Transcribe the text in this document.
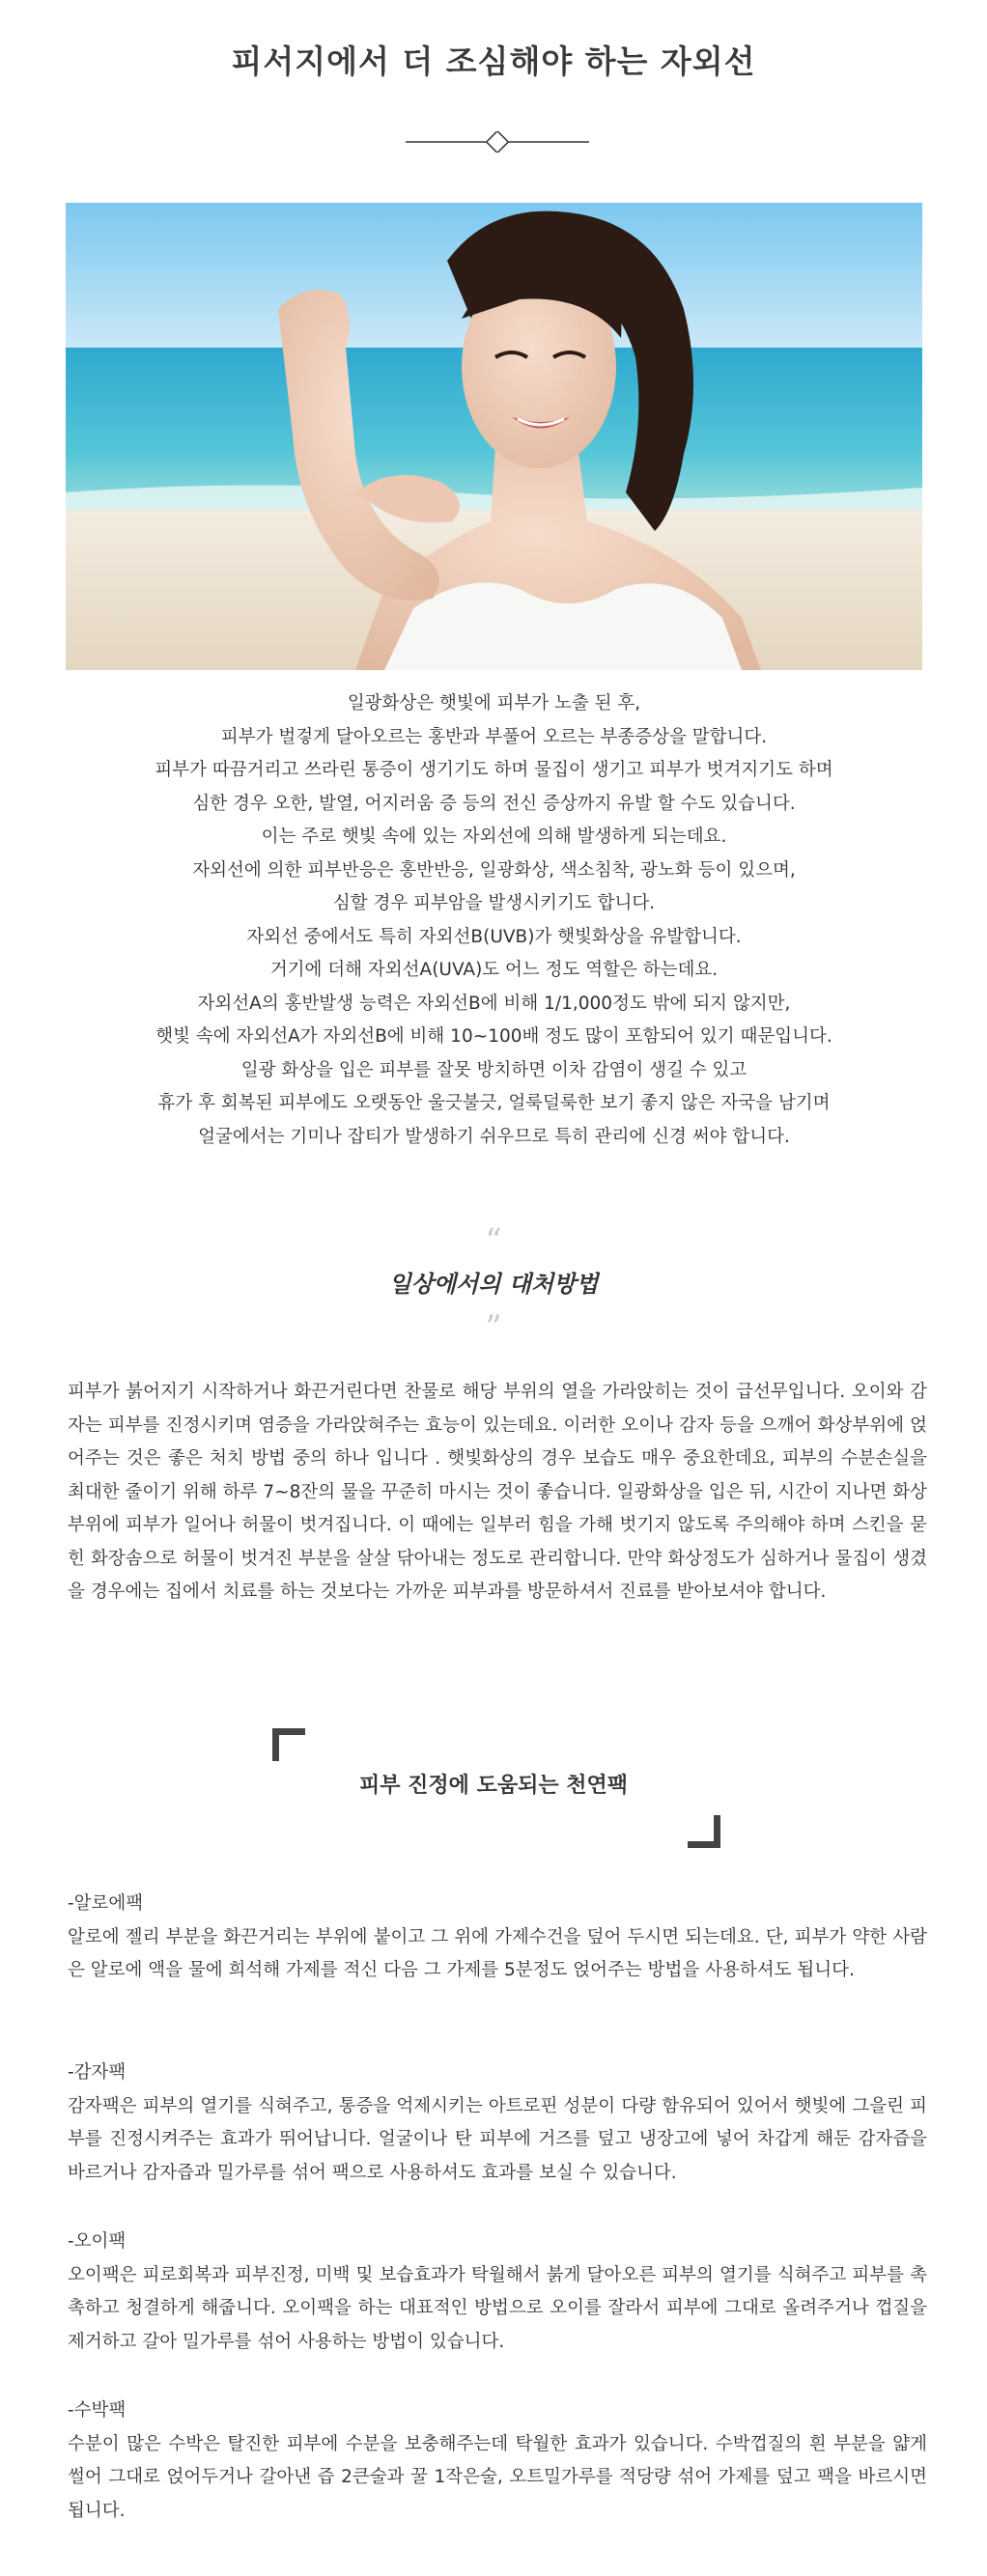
피서지에서 더 조심해야 하는 자외선

일광화상은 햇빛에 피부가 노출 된 후,

피부가 벌겋게 달아오르는 홍반과 부풀어 오르는 부종증상을 말합니다.

피부가 따끔거리고 쓰라린 통증이 생기기도 하며 물집이 생기고 피부가 벗겨지기도 하며

심한 경우 오한, 발열, 어지러움 증 등의 전신 증상까지 유발 할 수도 있습니다.

이는 주로 햇빛 속에 있는 자외선에 의해 발생하게 되는데요.

자외선에 의한 피부반응은 홍반반응, 일광화상, 색소침착, 광노화 등이 있으며,

심할 경우 피부암을 발생시키기도 합니다.

자외선 중에서도 특히 자외선B(UVB)가 햇빛화상을 유발합니다.

거기에 더해 자외선A(UVA)도 어느 정도 역할은 하는데요.

자외선A의 홍반발생 능력은 자외선B에 비해 1/1,000정도 밖에 되지 않지만,

햇빛 속에 자외선A가 자외선B에 비해 10~100배 정도 많이 포함되어 있기 때문입니다.

일광 화상을 입은 피부를 잘못 방치하면 이차 감염이 생길 수 있고

휴가 후 회복된 피부에도 오랫동안 울긋불긋, 얼룩덜룩한 보기 좋지 않은 자국을 남기며

얼굴에서는 기미나 잡티가 발생하기 쉬우므로 특히 관리에 신경 써야 합니다.

“
일상에서의 대처방법
”

피부가 붉어지기 시작하거나 화끈거린다면 찬물로 해당 부위의 열을 가라앉히는 것이 급선무입니다. 오이와 감자는 피부를 진정시키며 염증을 가라앉혀주는 효능이 있는데요. 이러한 오이나 감자 등을 으깨어 화상부위에 얹어주는 것은 좋은 처치 방법 중의 하나 입니다 . 햇빛화상의 경우 보습도 매우 중요한데요, 피부의 수분손실을 최대한 줄이기 위해 하루 7~8잔의 물을 꾸준히 마시는 것이 좋습니다. 일광화상을 입은 뒤, 시간이 지나면 화상부위에 피부가 일어나 허물이 벗겨집니다. 이 때에는 일부러 힘을 가해 벗기지 않도록 주의해야 하며 스킨을 묻힌 화장솜으로 허물이 벗겨진 부분을 살살 닦아내는 정도로 관리합니다. 만약 화상정도가 심하거나 물집이 생겼을 경우에는 집에서 치료를 하는 것보다는 가까운 피부과를 방문하셔서 진료를 받아보셔야 합니다.

피부 진정에 도움되는 천연팩
-알로에팩
알로에 젤리 부분을 화끈거리는 부위에 붙이고 그 위에 가제수건을 덮어 두시면 되는데요. 단, 피부가 약한 사람은 알로에 액을 물에 희석해 가제를 적신 다음 그 가제를 5분정도 얹어주는 방법을 사용하셔도 됩니다.
-감자팩
감자팩은 피부의 열기를 식혀주고, 통증을 억제시키는 아트로핀 성분이 다량 함유되어 있어서 햇빛에 그을린 피부를 진정시켜주는 효과가 뛰어납니다. 얼굴이나 탄 피부에 거즈를 덮고 냉장고에 넣어 차갑게 해둔 감자즙을 바르거나 감자즙과 밀가루를 섞어 팩으로 사용하셔도 효과를 보실 수 있습니다.
-오이팩
오이팩은 피로회복과 피부진정, 미백 및 보습효과가 탁월해서 붉게 달아오른 피부의 열기를 식혀주고 피부를 촉촉하고 청결하게 해줍니다. 오이팩을 하는 대표적인 방법으로 오이를 잘라서 피부에 그대로 올려주거나 껍질을 제거하고 갈아 밀가루를 섞어 사용하는 방법이 있습니다.
-수박팩
수분이 많은 수박은 탈진한 피부에 수분을 보충해주는데 탁월한 효과가 있습니다. 수박껍질의 흰 부분을 얇게 썰어 그대로 얹어두거나 갈아낸 즙 2큰술과 꿀 1작은술, 오트밀가루를 적당량 섞어 가제를 덮고 팩을 바르시면 됩니다.
